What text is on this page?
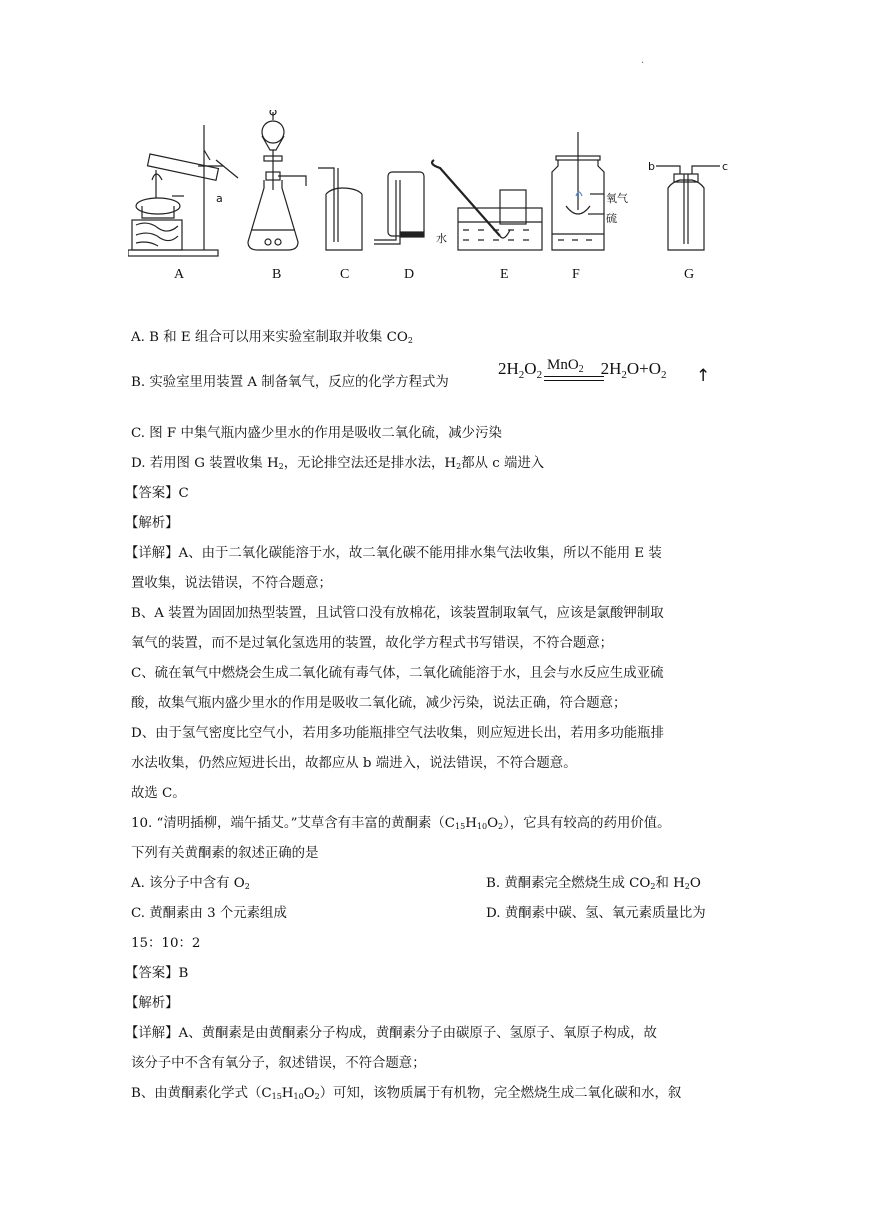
·
A	B	C	D	E	F	G
a
水
氧气
硫
b	c
A. B 和 E 组合可以用来实验室制取并收集 $CO_2$
B. 实验室里用装置 A 制备氧气，反应的化学方程式为
MnO$_2$
$2H_2O_2$	$2H_2O+O_2$ ↑
C. 图 F 中集气瓶内盛少里水的作用是吸收二氧化硫，减少污染
D. 若用图 G 装置收集 $H_2$，无论排空法还是排水法，$H_2$都从 c 端进入
【答案】C
【解析】
【详解】A、由于二氧化碳能溶于水，故二氧化碳不能用排水集气法收集，所以不能用 E 装
置收集，说法错误，不符合题意；
B、A 装置为固固加热型装置，且试管口没有放棉花，该装置制取氧气，应该是氯酸钾制取
氧气的装置，而不是过氧化氢选用的装置，故化学方程式书写错误，不符合题意；
C、硫在氧气中燃烧会生成二氧化硫有毒气体，二氧化硫能溶于水，且会与水反应生成亚硫
酸，故集气瓶内盛少里水的作用是吸收二氧化硫，减少污染，说法正确，符合题意；
D、由于氢气密度比空气小，若用多功能瓶排空气法收集，则应短进长出，若用多功能瓶排
水法收集，仍然应短进长出，故都应从 b 端进入，说法错误，不符合题意。
故选 C。
10. “清明插柳，端午插艾。”艾草含有丰富的黄酮素$(C_{15}H_{10}O_2)$，它具有较高的药用价值。
下列有关黄酮素的叙述正确的是
A. 该分子中含有 $O_2$	B. 黄酮素完全燃烧生成 $CO_2$和 $H_2O$
C. 黄酮素由 3 个元素组成	D. 黄酮素中碳、氢、氧元素质量比为
15：10：2
【答案】B
【解析】
【详解】A、黄酮素是由黄酮素分子构成，黄酮素分子由碳原子、氢原子、氧原子构成，故
该分子中不含有氧分子，叙述错误，不符合题意；
B、由黄酮素化学式$(C_{15}H_{10}O_2)$可知，该物质属于有机物，完全燃烧生成二氧化碳和水，叙
